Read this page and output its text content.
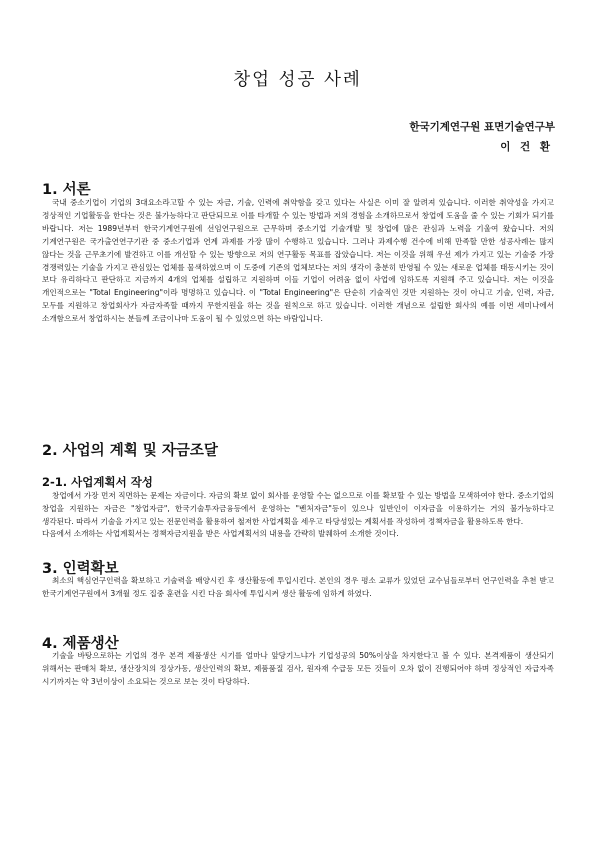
창업 성공 사례
한국기계연구원 표면기술연구부
이 건 환
1. 서론

국내 중소기업이 기업의 3대요소라고할 수 있는 자금, 기술, 인력에 취약함을 갖고 있다는 사실은 이미 잘 알려져 있습니다. 이러한 취약성을 가지고 정상적인 기업활동을 한다는 것은 불가능하다고 판단되므로 이를 타개할 수 있는 방법과 저의 경험을 소개하므로서 창업에 도움을 줄 수 있는 기회가 되기를 바랍니다. 저는 1989년부터 한국기계연구원에 선임연구원으로 근무하며 중소기업 기술개발 및 창업에 많은 관심과 노력을 기울여 왔습니다. 저의 기계연구원은 국가출연연구기관 중 중소기업과 연계 과제를 가장 많이 수행하고 있습니다. 그러나 과제수행 건수에 비해 만족할 만한 성공사례는 많지 않다는 것을 근무초기에 발견하고 이를 개선할 수 있는 방향으로 저의 연구활동 목표를 잡았습니다. 저는 이것을 위해 우선 제가 가지고 있는 기술중 가장 경쟁력있는 기술을 가지고 관심있는 업체를 물색하였으며 이 도중에 기존의 업체보다는 저의 생각이 충분히 반영될 수 있는 새로운 업체를 태동시키는 것이 보다 유리하다고 판단하고 지금까지 4개의 업체를 설립하고 지원하며 이들 기업이 어려움 없이 사업에 임하도록 지원해 주고 있습니다. 저는 이것을 개인적으로는 "Total Engineering"이라 명명하고 있습니다. 이 "Total Engineering"은 단순히 기술적인 것만 지원하는 것이 아니고 기술, 인력, 자금, 모두를 지원하고 창업회사가 자금자족할 때까지 무한지원을 하는 것을 원칙으로 하고 있습니다. 이러한 개념으로 설립한 회사의 예를 이번 세미나에서 소개함으로서 창업하시는 분들께 조금이나마 도움이 될 수 있었으면 하는 바람입니다.

2. 사업의 계획 및 자금조달
2-1. 사업계획서 작성

창업에서 가장 먼저 직면하는 문제는 자금이다. 자금의 확보 없이 회사를 운영할 수는 없으므로 이를 확보할 수 있는 방법을 모색하여야 한다. 중소기업의 창업을 지원하는 자금은 "창업자금", 한국기술투자금융등에서 운영하는 "벤처자금"등이 있으나 일반인이 이자금을 이용하기는 거의 불가능하다고 생각된다. 따라서 기술을 가지고 있는 전문인력을 활용하여 철저한 사업계획을 세우고 타당성있는 계획서를 작성하여 정책자금을 활용하도록 한다.

다음에서 소개하는 사업계획서는 정책자금지원을 받은 사업계획서의 내용을 간략히 발췌하여 소개한 것이다.

3. 인력확보

최소의 핵심연구인력을 확보하고 기술력을 배양시킨 후 생산활동에 투입시킨다. 본인의 경우 평소 교류가 있었던 교수님들로부터 연구인력을 추천 받고 한국기계연구원에서 3개월 정도 집중 훈련을 시킨 다음 회사에 투입시켜 생산 활동에 임하게 하였다.

4. 제품생산

기술을 바탕으로하는 기업의 경우 본격 제품생산 시기를 얼마나 앞당기느냐가 기업성공의 50%이상을 차지한다고 볼 수 있다. 본격제품이 생산되기 위해서는 판매처 확보, 생산장치의 정상가동, 생산인력의 확보, 제품품질 검사, 원자재 수급등 모든 것들이 오차 없이 진행되어야 하며 정상적인 자급자족 시기까지는 약 3년이상이 소요되는 것으로 보는 것이 타당하다.
